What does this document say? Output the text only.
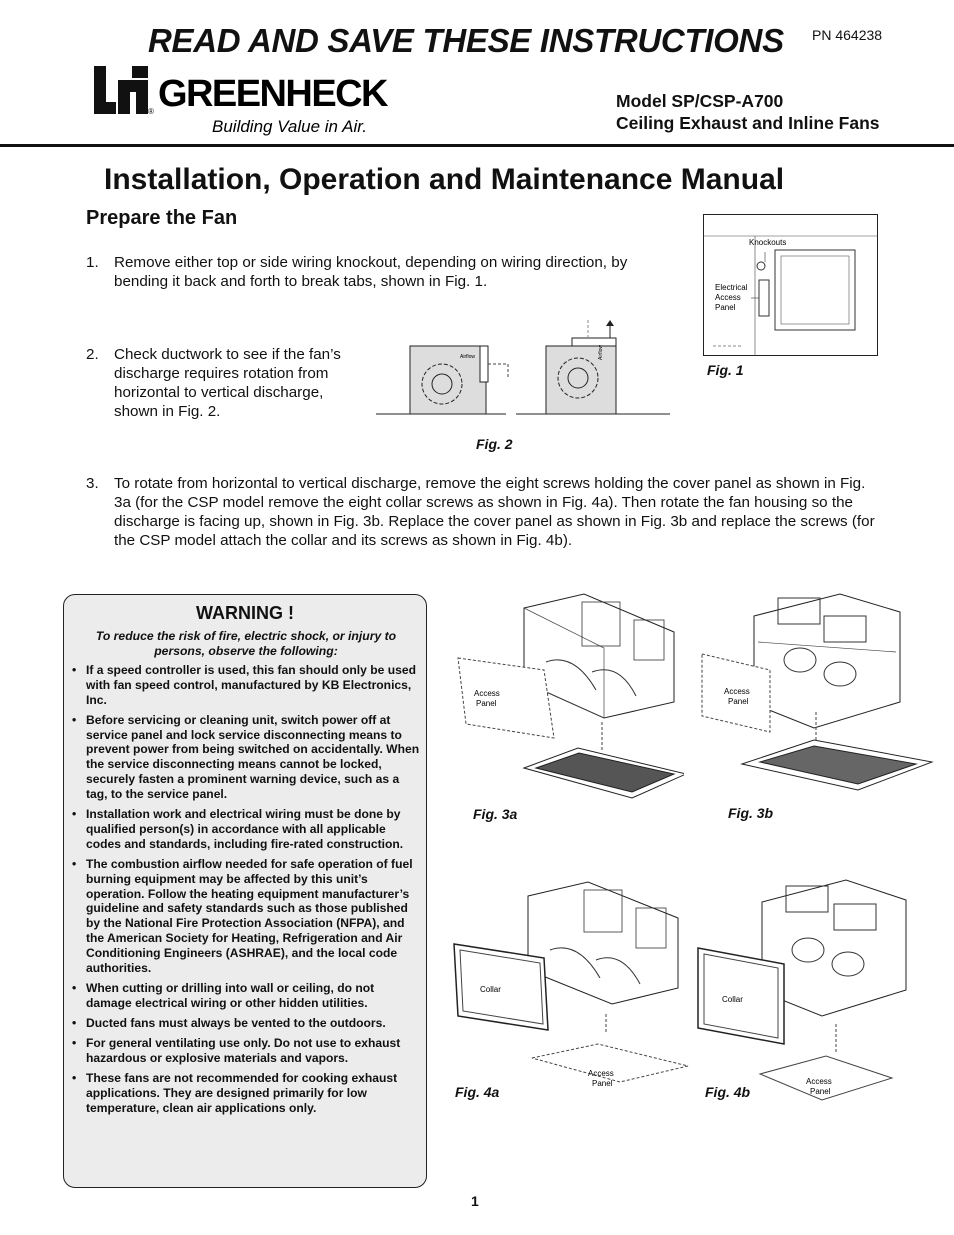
READ AND SAVE THESE INSTRUCTIONS PN 464238
® GREENHECK
Building Value in Air.
Model SP/CSP-A700
Ceiling Exhaust and Inline Fans
Installation, Operation and Maintenance Manual
Prepare the Fan
1. Remove either top or side wiring knockout, depending on wiring direction, by bending it back and forth to break tabs, shown in Fig. 1.
2. Check ductwork to see if the fan’s discharge requires rotation from horizontal to vertical discharge, shown in Fig. 2.
3. To rotate from horizontal to vertical discharge, remove the eight screws holding the cover panel as shown in Fig. 3a (for the CSP model remove the eight collar screws as shown in Fig. 4a). Then rotate the fan housing so the discharge is facing up, shown in Fig. 3b. Replace the cover panel as shown in Fig. 3b and replace the screws (for the CSP model attach the collar and its screws as shown in Fig. 4b).
Knockouts
Electrical
Access
Panel
Fig. 1
Airflow	Airflow
Fig. 2
WARNING !
To reduce the risk of fire, electric shock, or injury to persons, observe the following:
• If a speed controller is used, this fan should only be used with fan speed control, manufactured by KB Electronics, Inc.
• Before servicing or cleaning unit, switch power off at service panel and lock service disconnecting means to prevent power from being switched on accidentally. When the service disconnecting means cannot be locked, securely fasten a prominent warning device, such as a tag, to the service panel.
• Installation work and electrical wiring must be done by qualified person(s) in accordance with all applicable codes and standards, including fire-rated construction.
• The combustion airflow needed for safe operation of fuel burning equipment may be affected by this unit’s operation. Follow the heating equipment manufacturer’s guideline and safety standards such as those published by the National Fire Protection Association (NFPA), and the American Society for Heating, Refrigeration and Air Conditioning Engineers (ASHRAE), and the local code authorities.
• When cutting or drilling into wall or ceiling, do not damage electrical wiring or other hidden utilities.
• Ducted fans must always be vented to the outdoors.
• For general ventilating use only. Do not use to exhaust hazardous or explosive materials and vapors.
• These fans are not recommended for cooking exhaust applications. They are designed primarily for low temperature, clean air applications only.
Access
Panel
Fig. 3a
Access
Panel
Fig. 3b
Collar
Access
Panel
Fig. 4a
Collar
Access
Panel
Fig. 4b
1
